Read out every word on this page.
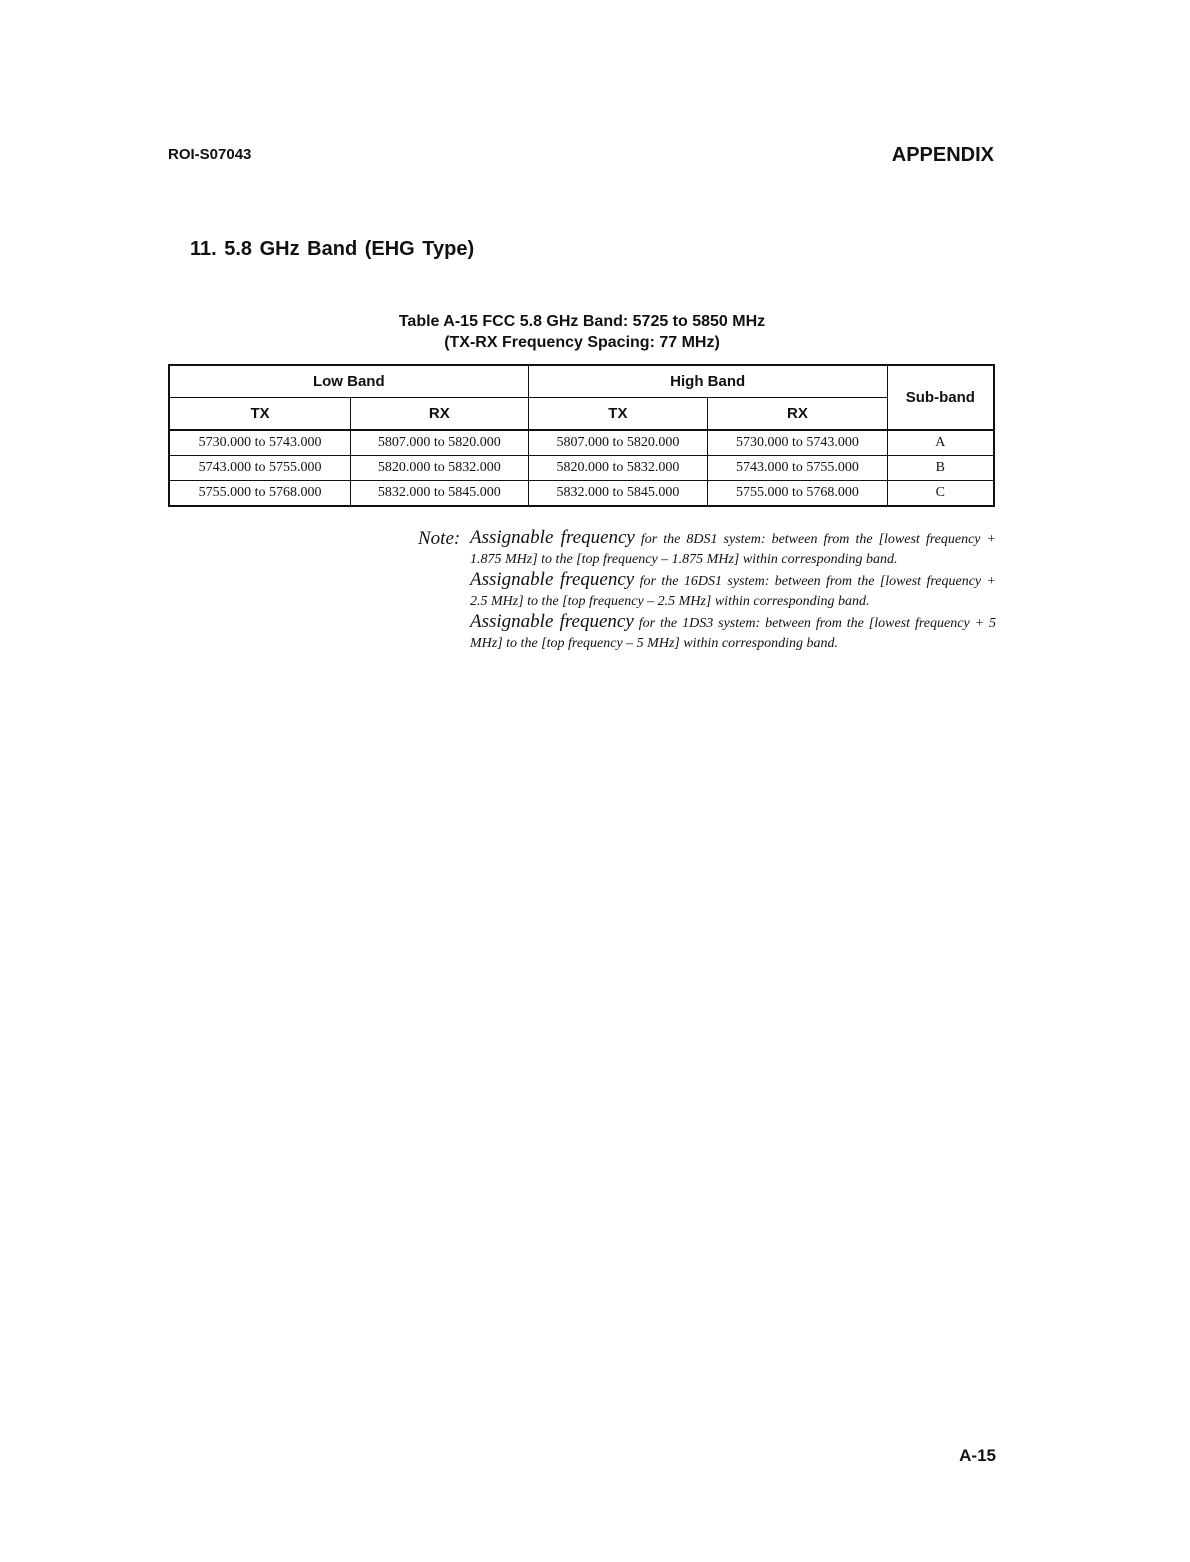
ROI-S07043	APPENDIX
11. 5.8 GHz Band (EHG Type)
Table A-15 FCC 5.8 GHz Band: 5725 to 5850 MHz
(TX-RX Frequency Spacing: 77 MHz)
Low Band		High Band		Sub-band
TX	RX	TX	RX	
5730.000 to 5743.000	5807.000 to 5820.000	5807.000 to 5820.000	5730.000 to 5743.000	A
5743.000 to 5755.000	5820.000 to 5832.000	5820.000 to 5832.000	5743.000 to 5755.000	B
5755.000 to 5768.000	5832.000 to 5845.000	5832.000 to 5845.000	5755.000 to 5768.000	C
Note: Assignable frequency for the 8DS1 system: between from the [lowest frequency + 1.875 MHz] to the [top frequency – 1.875 MHz] within corresponding band.

Assignable frequency for the 16DS1 system: between from the [lowest frequency + 2.5 MHz] to the [top frequency – 2.5 MHz] within corresponding band.

Assignable frequency for the 1DS3 system: between from the [lowest frequency + 5 MHz] to the [top frequency – 5 MHz] within corresponding band.

A-15
